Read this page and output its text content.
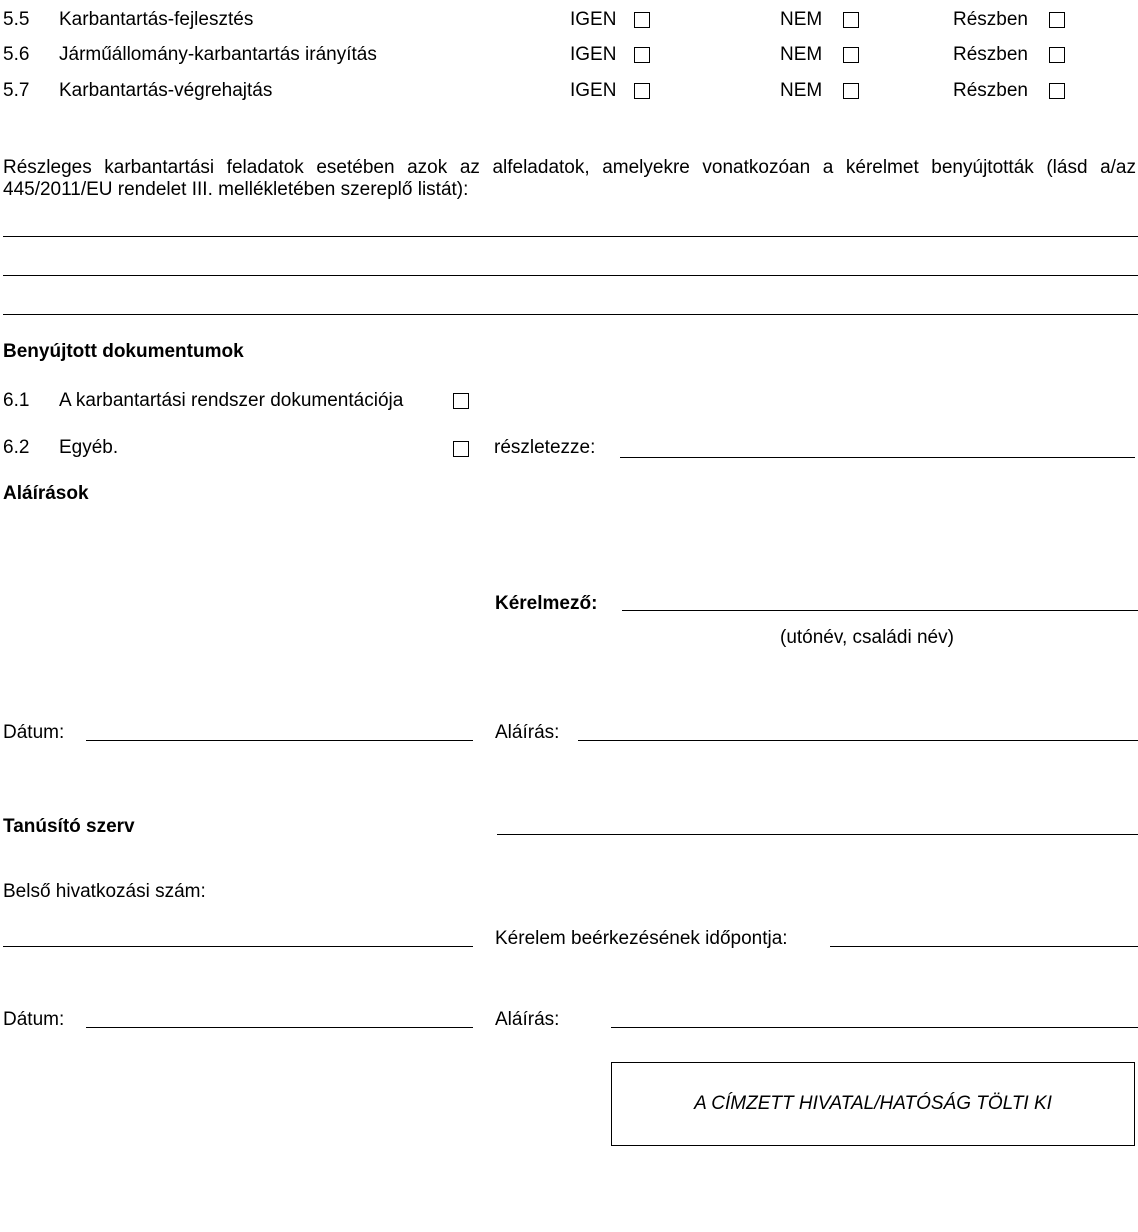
5.5 Karbantartás-fejlesztés	IGEN	NEM	Részben
5.6 Járműállomány-karbantartás irányítás	IGEN	NEM	Részben
5.7 Karbantartás-végrehajtás	IGEN	NEM	Részben
Részleges karbantartási feladatok esetében azok az alfeladatok, amelyekre vonatkozóan a kérelmet benyújtották (lásd a/az 445/2011/EU rendelet III. mellékletében szereplő listát):
Benyújtott dokumentumok
6.1 A karbantartási rendszer dokumentációja
6.2 Egyéb.	részletezze:
Aláírások
Kérelmező:
(utónév, családi név)
Dátum:	Aláírás:
Tanúsító szerv
Belső hivatkozási szám:
Kérelem beérkezésének időpontja:
Dátum:	Aláírás:
A CÍMZETT HIVATAL/HATÓSÁG TÖLTI KI
